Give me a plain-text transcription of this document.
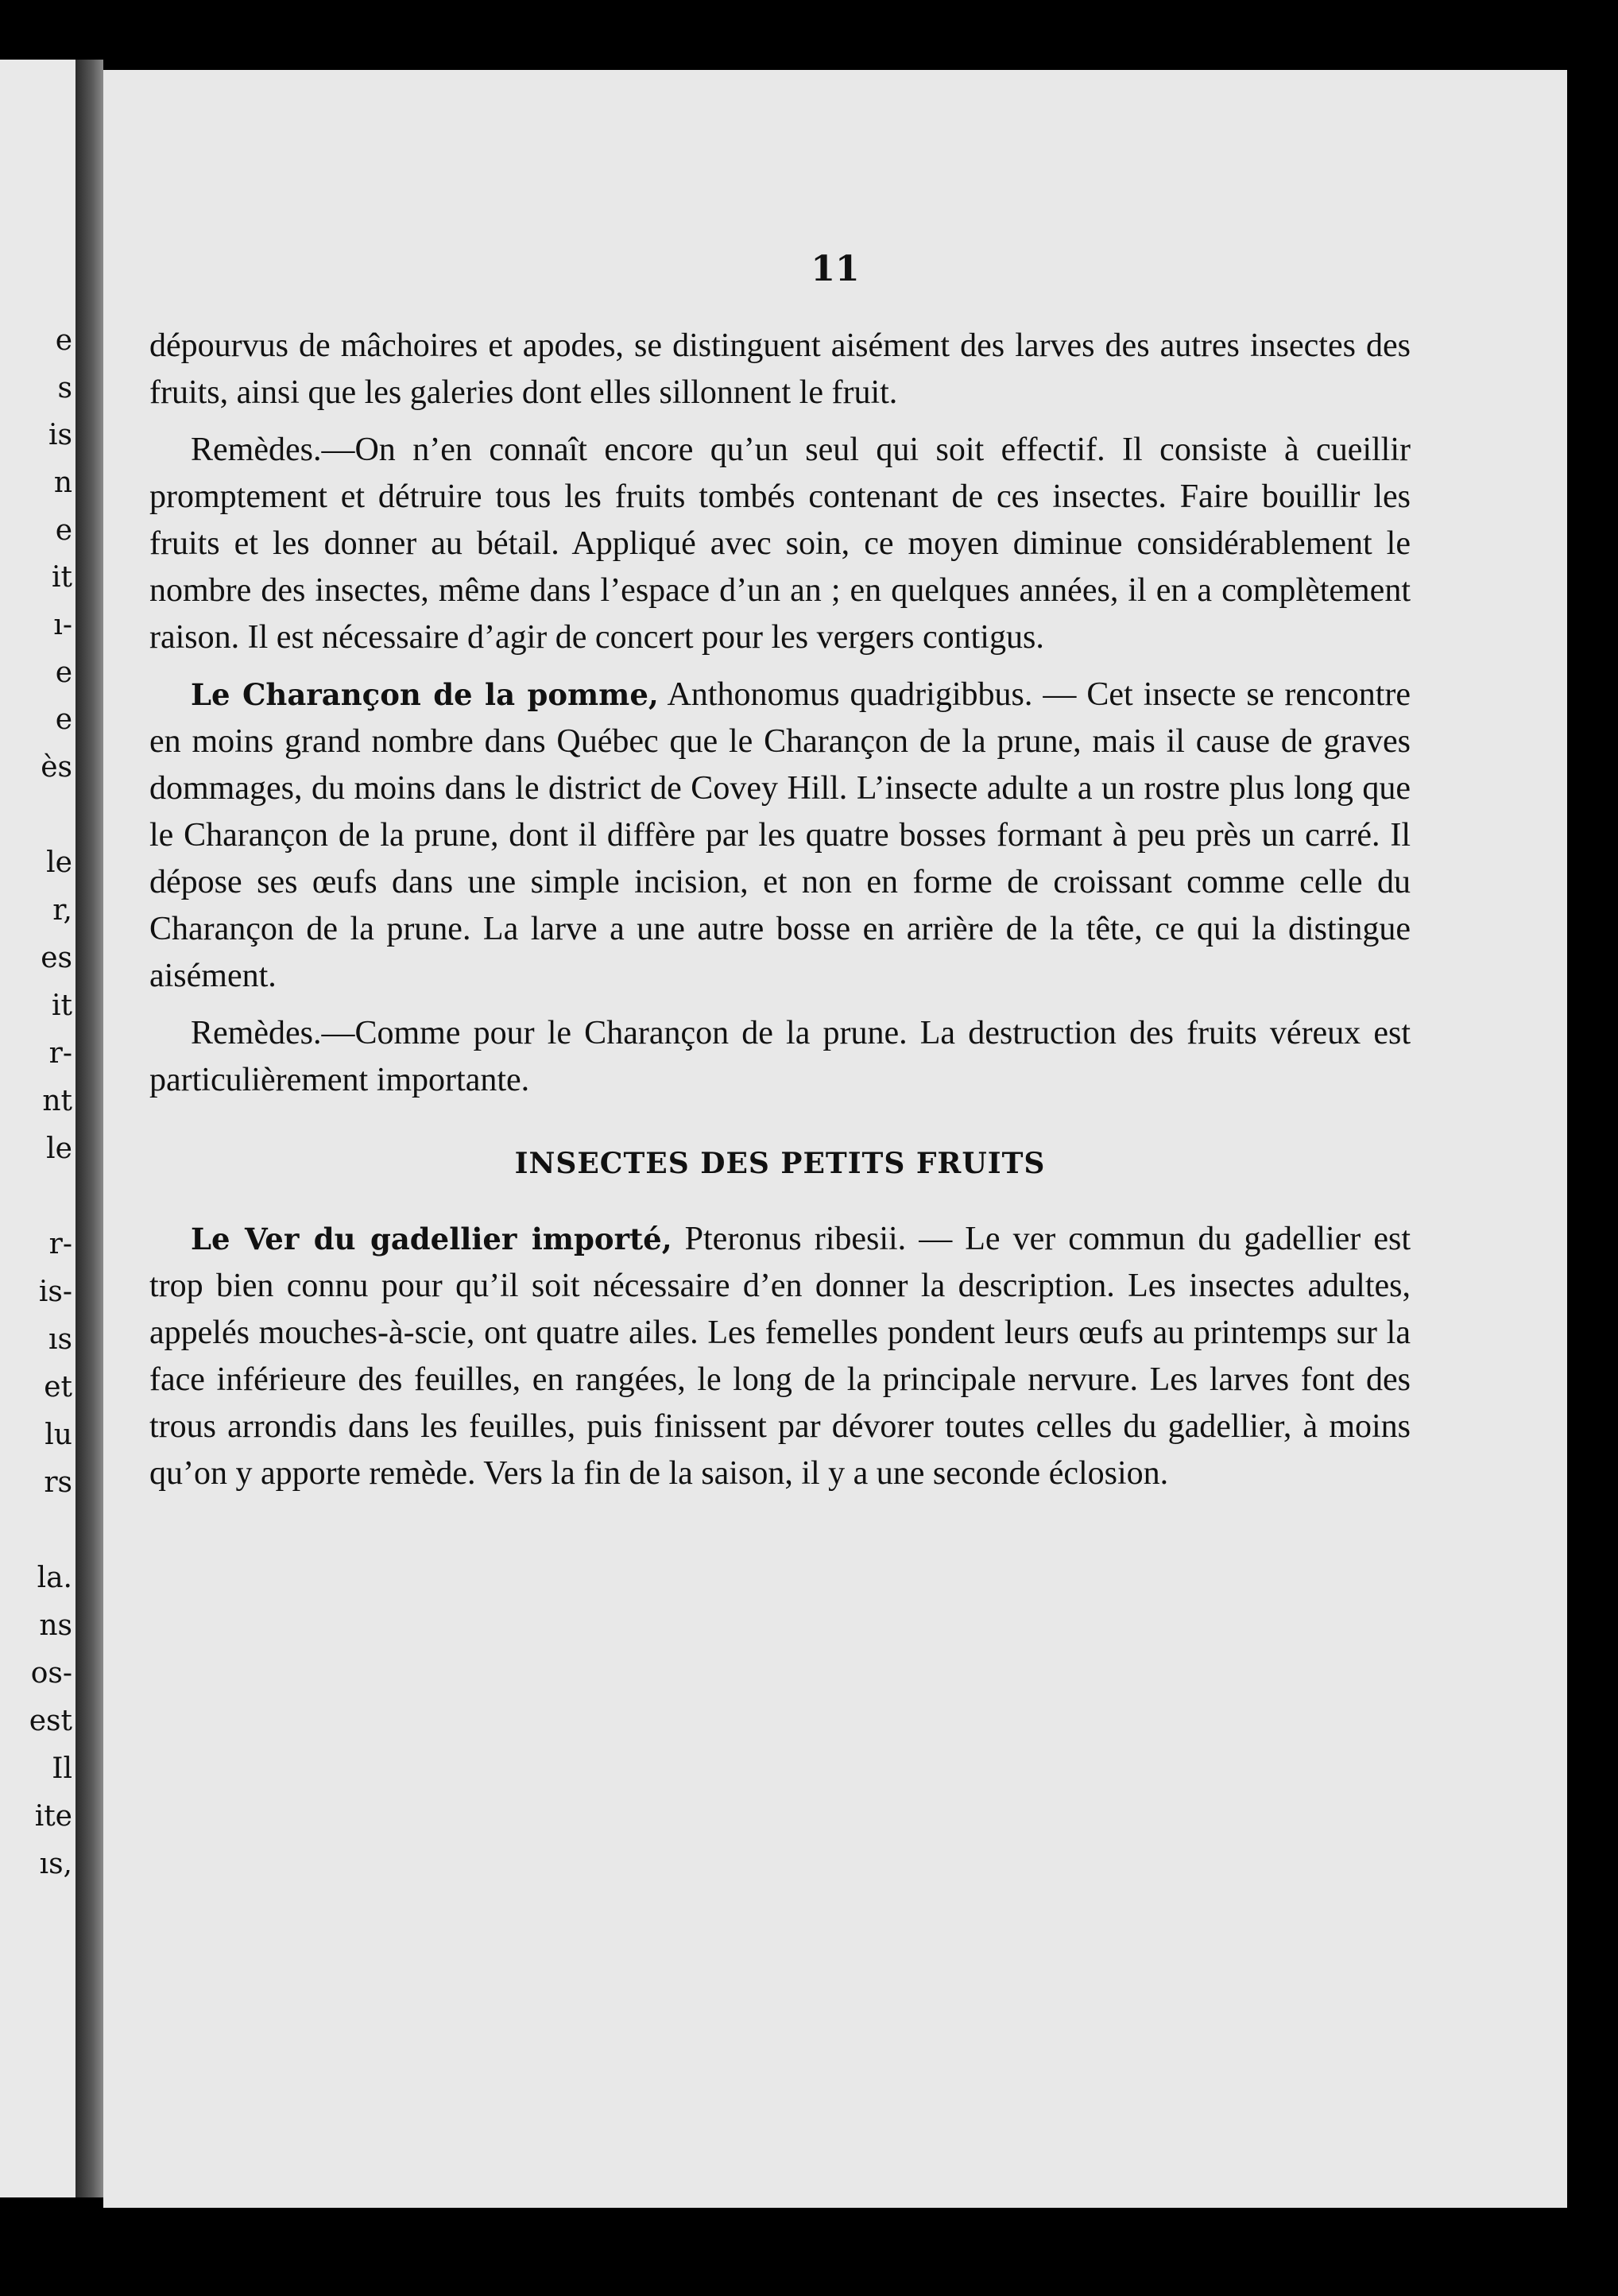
e
s
is
n
e
it
ı-
e
e
ès
le
r,
es
it
r-
nt
le
r-
is-
ıs
et
lu
rs
la.
ns
os-
est
Il
ite
ıs,
11

dépourvus de mâchoires et apodes, se distinguent aisément des larves des autres insectes des fruits, ainsi que les galeries dont elles sillonnent le fruit.

Remèdes.—On n’en connaît encore qu’un seul qui soit effectif. Il consiste à cueillir promptement et détruire tous les fruits tombés contenant de ces insectes. Faire bouillir les fruits et les donner au bétail. Appliqué avec soin, ce moyen diminue considérablement le nombre des insectes, même dans l’espace d’un an ; en quelques années, il en a complètement raison. Il est nécessaire d’agir de concert pour les vergers contigus.

Le Charançon de la pomme, Anthonomus quadrigibbus. — Cet insecte se rencontre en moins grand nombre dans Québec que le Charançon de la prune, mais il cause de graves dommages, du moins dans le district de Covey Hill. L’insecte adulte a un rostre plus long que le Charançon de la prune, dont il diffère par les quatre bosses formant à peu près un carré. Il dépose ses œufs dans une simple incision, et non en forme de croissant comme celle du Charançon de la prune. La larve a une autre bosse en arrière de la tête, ce qui la distingue aisément.

Remèdes.—Comme pour le Charançon de la prune. La destruction des fruits véreux est particulièrement importante.

INSECTES DES PETITS FRUITS

Le Ver du gadellier importé, Pteronus ribesii. — Le ver commun du gadellier est trop bien connu pour qu’il soit nécessaire d’en donner la description. Les insectes adultes, appelés mouches-à-scie, ont quatre ailes. Les femelles pondent leurs œufs au printemps sur la face inférieure des feuilles, en rangées, le long de la principale nervure. Les larves font des trous arrondis dans les feuilles, puis finissent par dévorer toutes celles du gadellier, à moins qu’on y apporte remède. Vers la fin de la saison, il y a une seconde éclosion.
